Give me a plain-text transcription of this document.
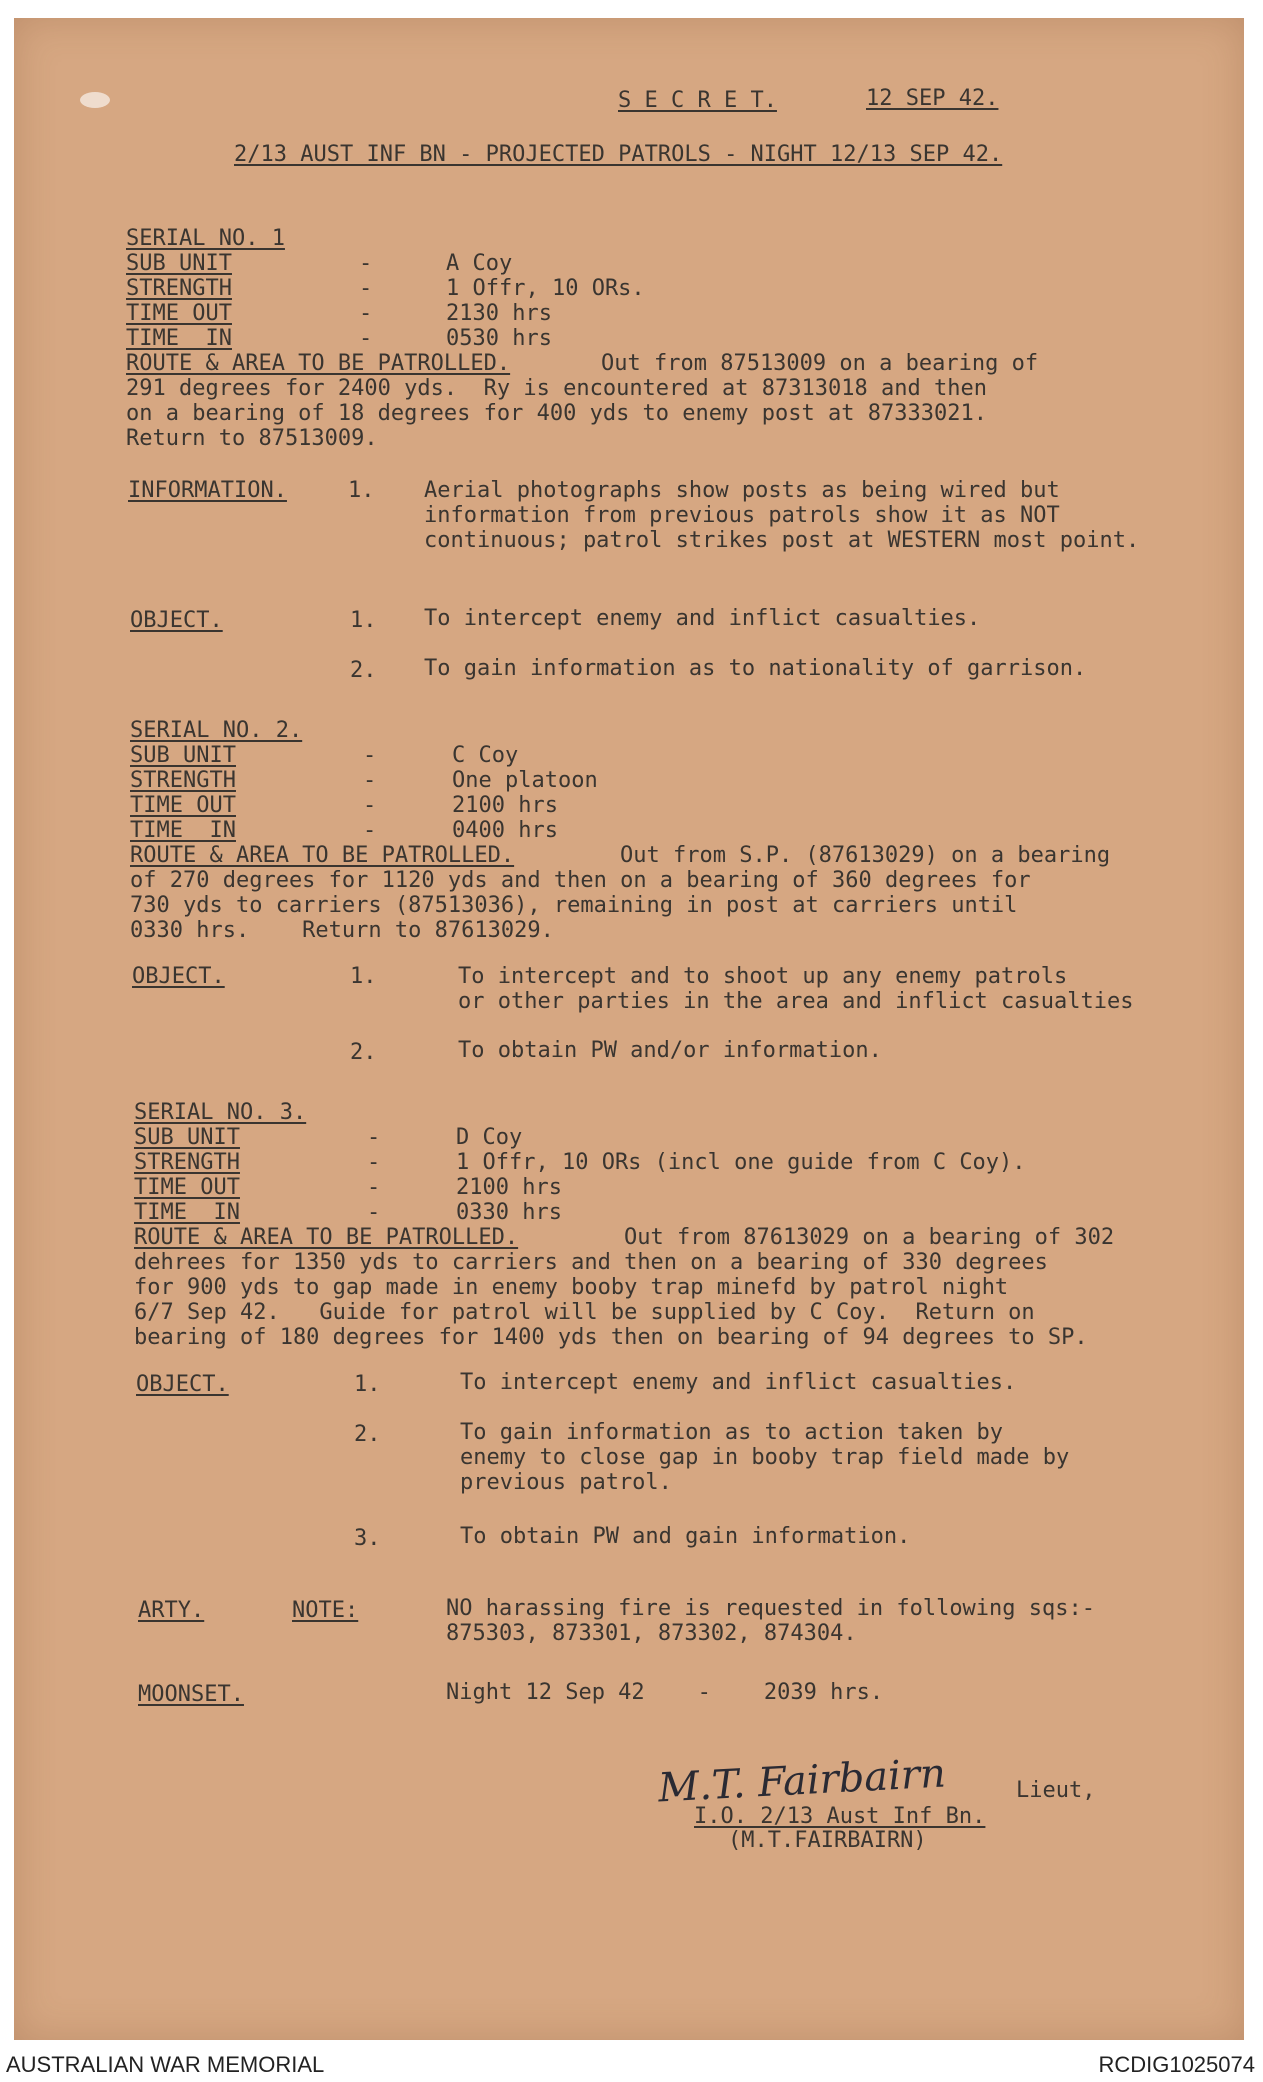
S E C R E T.	12 SEP 42.
2/13 AUST INF BN - PROJECTED PATROLS - NIGHT 12/13 SEP 42.
SERIAL NO. 1
SUB UNIT	-	A Coy
STRENGTH	-	1 Offr, 10 ORs.
TIME OUT	-	2130 hrs
TIME  IN	-	0530 hrs
ROUTE & AREA TO BE PATROLLED.	Out from 87513009 on a bearing of
291 degrees for 2400 yds.  Ry is encountered at 87313018 and then
on a bearing of 18 degrees for 400 yds to enemy post at 87333021.
Return to 87513009.
INFORMATION.	1. Aerial photographs show posts as being wired but information from previous patrols show it as NOT continuous; patrol strikes post at WESTERN most point.
OBJECT.	1. To intercept enemy and inflict casualties.
2. To gain information as to nationality of garrison.
SERIAL NO. 2.
SUB UNIT	-	C Coy
STRENGTH	-	One platoon
TIME OUT	-	2100 hrs
TIME  IN	-	0400 hrs
ROUTE & AREA TO BE PATROLLED.	Out from S.P. (87613029) on a bearing
of 270 degrees for 1120 yds and then on a bearing of 360 degrees for
730 yds to carriers (87513036), remaining in post at carriers until
0330 hrs.    Return to 87613029.
OBJECT.	1.	To intercept and to shoot up any enemy patrols
or other parties in the area and inflict casualties
2.	To obtain PW and/or information.
SERIAL NO. 3.
SUB UNIT	-	D Coy
STRENGTH	-	1 Offr, 10 ORs (incl one guide from C Coy).
TIME OUT	-	2100 hrs
TIME  IN	-	0330 hrs
ROUTE & AREA TO BE PATROLLED.	Out from 87613029 on a bearing of 302
dehrees for 1350 yds to carriers and then on a bearing of 330 degrees
for 900 yds to gap made in enemy booby trap minefd by patrol night
6/7 Sep 42.   Guide for patrol will be supplied by C Coy.  Return on
bearing of 180 degrees for 1400 yds then on bearing of 94 degrees to SP.
OBJECT.	1.	To intercept enemy and inflict casualties.
2.	To gain information as to action taken by
enemy to close gap in booby trap field made by
previous patrol.
3.	To obtain PW and gain information.
ARTY.	NOTE:	NO harassing fire is requested in following sqs:-
875303, 873301, 873302, 874304.
MOONSET.	Night 12 Sep 42    -    2039 hrs.
M.T. Fairbairn	Lieut,
I.O. 2/13 Aust Inf Bn.
(M.T.FAIRBAIRN)
AUSTRALIAN WAR MEMORIAL	RCDIG1025074
